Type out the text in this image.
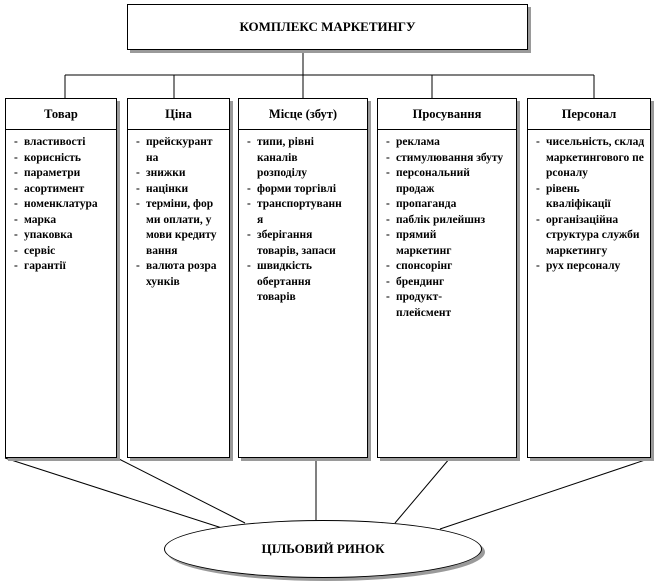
КОМПЛЕКС МАРКЕТИНГУ
Товар
- властивості
- корисність
- параметри
- асортимент
- номенклатура
- марка
- упаковка
- сервіс
- гарантії
Ціна
- прейскурантна
- знижки
- націнки
- терміни, форми оплати, умови кредитування
- валюта розрахунків
Місце (збут)
- типи, рівні каналів розподілу
- форми торгівлі
- транспортування
- зберігання товарів, запаси
- швидкість обертання товарів
Просування
- реклама
- стимулювання збуту
- персональний продаж
- пропаганда
- паблік рилейшнз
- прямий маркетинг
- спонсорінг
- брендинг
- продукт-плейсмент
Персонал
- чисельність, склад маркетингового персоналу
- рівень кваліфікації
- організаційна структура служби маркетингу
- рух персоналу
ЦІЛЬОВИЙ РИНОК
